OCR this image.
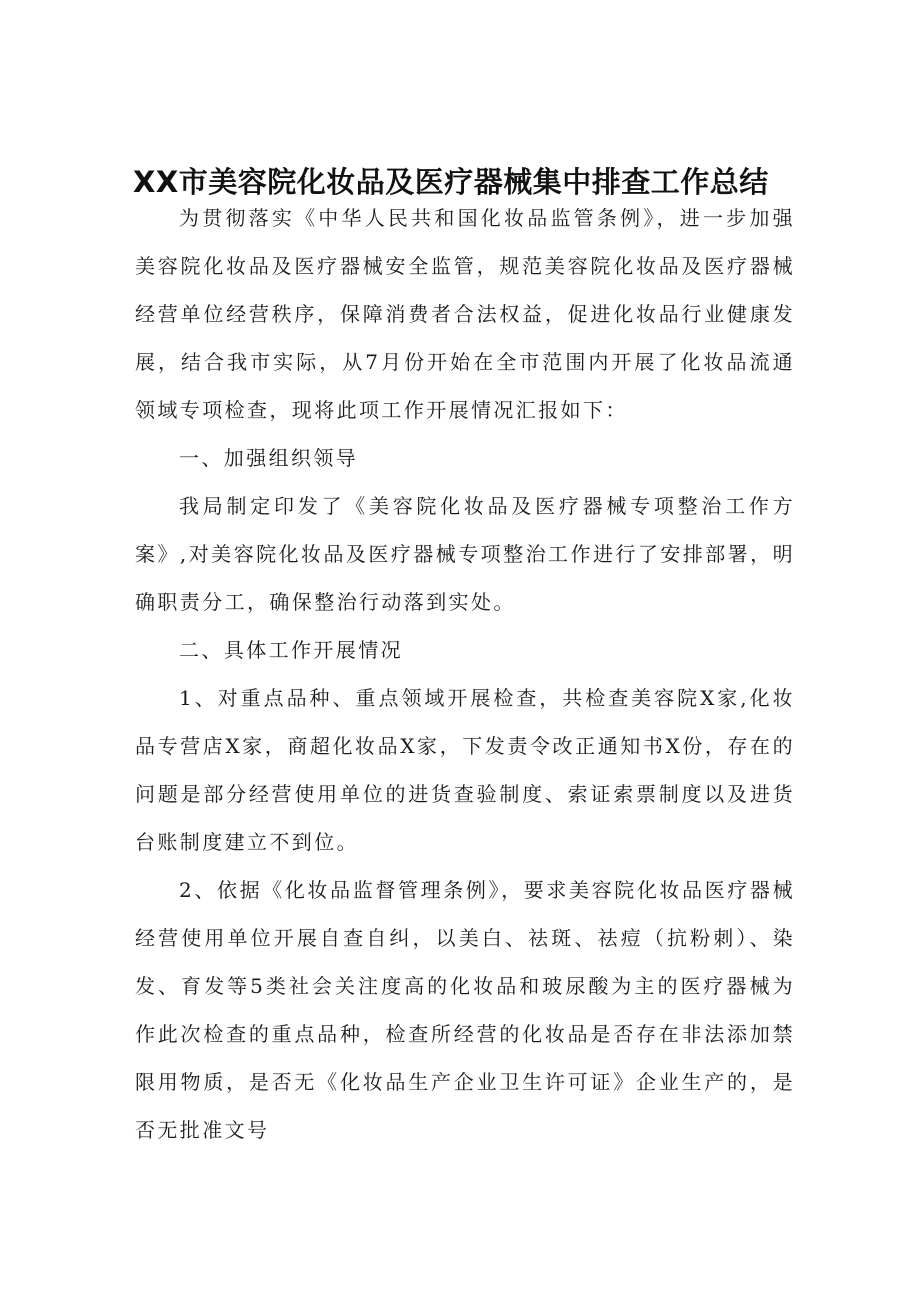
XX市美容院化妆品及医疗器械集中排查工作总结

为贯彻落实《中华人民共和国化妆品监管条例》，进一步加强美容院化妆品及医疗器械安全监管，规范美容院化妆品及医疗器械经营单位经营秩序，保障消费者合法权益，促进化妆品行业健康发展，结合我市实际，从7月份开始在全市范围内开展了化妆品流通领域专项检查，现将此项工作开展情况汇报如下：

一、加强组织领导

我局制定印发了《美容院化妆品及医疗器械专项整治工作方案》,对美容院化妆品及医疗器械专项整治工作进行了安排部署，明确职责分工，确保整治行动落到实处。

二、具体工作开展情况

1、对重点品种、重点领域开展检查，共检查美容院X家,化妆品专营店X家，商超化妆品X家，下发责令改正通知书X份，存在的问题是部分经营使用单位的进货查验制度、索证索票制度以及进货台账制度建立不到位。

2、依据《化妆品监督管理条例》，要求美容院化妆品医疗器械经营使用单位开展自查自纠，以美白、祛斑、祛痘（抗粉刺）、染发、育发等5类社会关注度高的化妆品和玻尿酸为主的医疗器械为作此次检查的重点品种，检查所经营的化妆品是否存在非法添加禁限用物质，是否无《化妆品生产企业卫生许可证》企业生产的，是否无批准文号
